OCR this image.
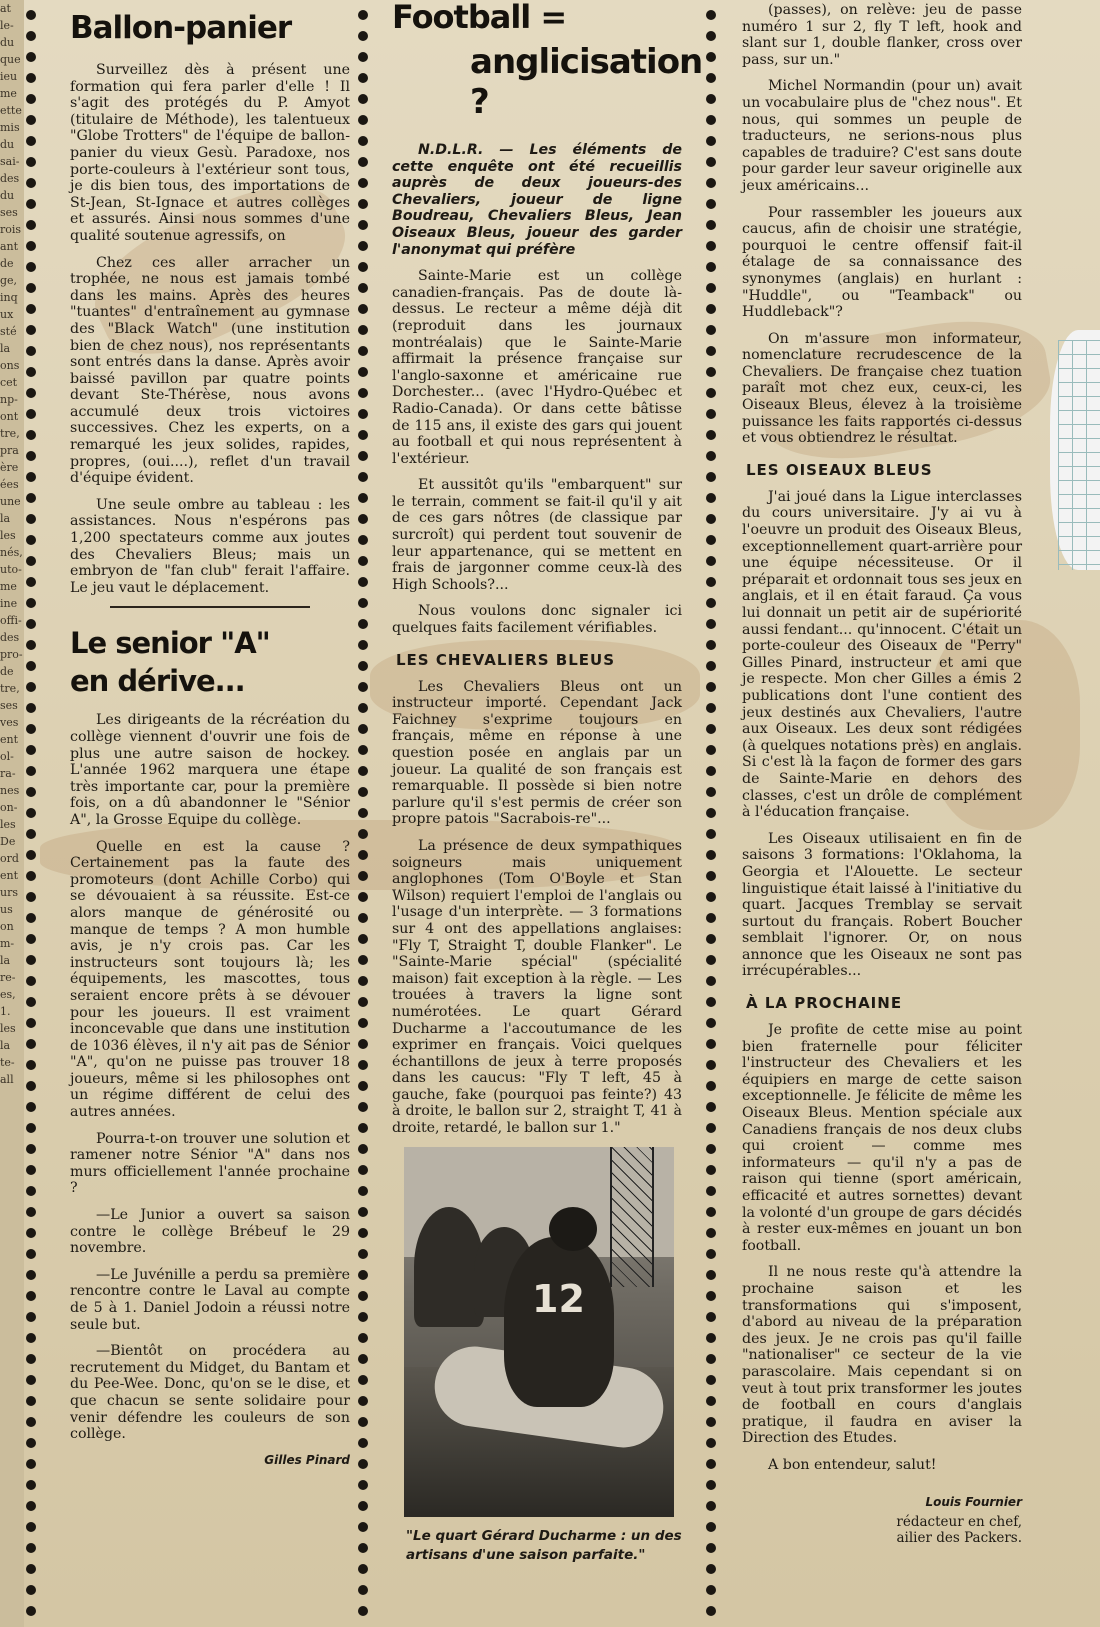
at
le-
du
que
ieu
me
ette
mis
du
sai-
des
du
ses
rois
ant
de
ge,
inq
ux
sté
la
ons
cet
np-
ont
tre,
pra
ère
ées
une
la
les
nés,
uto-
me
ine
offi-
des
pro-
de
tre,
ses
ves
ent
ol-
ra-
nes
on-
les
De
ord
ent
urs
us
on
m-
la
re-
es,
1.
les
la
te-
all
Ballon-panier

Surveillez dès à présent une formation qui fera parler d'elle ! Il s'agit des protégés du P. Amyot (titulaire de Méthode), les talentueux "Globe Trotters" de l'équipe de ballon-panier du vieux Gesù. Paradoxe, nos porte-couleurs à l'extérieur sont tous, je dis bien tous, des importations de St-Jean, St-Ignace et autres collèges et assurés. Ainsi nous sommes d'une qualité soutenue agressifs, on

Chez ces aller arracher un trophée, ne nous est jamais tombé dans les mains. Après des heures "tuantes" d'entraînement au gymnase des "Black Watch" (une institution bien de chez nous), nos représentants sont entrés dans la danse. Après avoir baissé pavillon par quatre points devant Ste-Thérèse, nous avons accumulé deux trois victoires successives. Chez les experts, on a remarqué les jeux solides, rapides, propres, (oui....), reflet d'un travail d'équipe évident.

Une seule ombre au tableau : les assistances. Nous n'espérons pas 1,200 spectateurs comme aux joutes des Chevaliers Bleus; mais un embryon de "fan club" ferait l'affaire. Le jeu vaut le déplacement.

Le senior "A" en dérive...

Les dirigeants de la récréation du collège viennent d'ouvrir une fois de plus une autre saison de hockey. L'année 1962 marquera une étape très importante car, pour la première fois, on a dû abandonner le "Sénior A", la Grosse Equipe du collège.

Quelle en est la cause ? Certainement pas la faute des promoteurs (dont Achille Corbo) qui se dévouaient à sa réussite. Est-ce alors manque de générosité ou manque de temps ? A mon humble avis, je n'y crois pas. Car les instructeurs sont toujours là; les équipements, les mascottes, tous seraient encore prêts à se dévouer pour les joueurs. Il est vraiment inconcevable que dans une institution de 1036 élèves, il n'y ait pas de Sénior "A", qu'on ne puisse pas trouver 18 joueurs, même si les philosophes ont un régime différent de celui des autres années.

Pourra-t-on trouver une solution et ramener notre Sénior "A" dans nos murs officiellement l'année prochaine ?

—Le Junior a ouvert sa saison contre le collège Brébeuf le 29 novembre.

—Le Juvénille a perdu sa première rencontre contre le Laval au compte de 5 à 1. Daniel Jodoin a réussi notre seule but.

—Bientôt on procédera au recrutement du Midget, du Bantam et du Pee-Wee. Donc, qu'on se le dise, et que chacun se sente solidaire pour venir défendre les couleurs de son collège.

Gilles Pinard
Football =
anglicisation ?

N.D.L.R. — Les éléments de cette enquête ont été recueillis auprès de deux joueurs-des Chevaliers, joueur de ligne Boudreau, Chevaliers Bleus, Jean Oiseaux Bleus, joueur des garder l'anonymat qui préfère

Sainte-Marie est un collège canadien-français. Pas de doute là-dessus. Le recteur a même déjà dit (reproduit dans les journaux montréalais) que le Sainte-Marie affirmait la présence française sur l'anglo-saxonne et américaine rue Dorchester... (avec l'Hydro-Québec et Radio-Canada). Or dans cette bâtisse de 115 ans, il existe des gars qui jouent au football et qui nous représentent à l'extérieur.

Et aussitôt qu'ils "embarquent" sur le terrain, comment se fait-il qu'il y ait de ces gars nôtres (de classique par surcroît) qui perdent tout souvenir de leur appartenance, qui se mettent en frais de jargonner comme ceux-là des High Schools?...

Nous voulons donc signaler ici quelques faits facilement vérifiables.

LES CHEVALIERS BLEUS

Les Chevaliers Bleus ont un instructeur importé. Cependant Jack Faichney s'exprime toujours en français, même en réponse à une question posée en anglais par un joueur. La qualité de son français est remarquable. Il possède si bien notre parlure qu'il s'est permis de créer son propre patois "Sacrabois-re"...

La présence de deux sympathiques soigneurs mais uniquement anglophones (Tom O'Boyle et Stan Wilson) requiert l'emploi de l'anglais ou l'usage d'un interprète. — 3 formations sur 4 ont des appellations anglaises: "Fly T, Straight T, double Flanker". Le "Sainte-Marie spécial" (spécialité maison) fait exception à la règle. — Les trouées à travers la ligne sont numérotées. Le quart Gérard Ducharme a l'accoutumance de les exprimer en français. Voici quelques échantillons de jeux à terre proposés dans les caucus: "Fly T left, 45 à gauche, fake (pourquoi pas feinte?) 43 à droite, le ballon sur 2, straight T, 41 à droite, retardé, le ballon sur 1."

12
"Le quart Gérard Ducharme : un des artisans d'une saison parfaite."

(passes), on relève: jeu de passe numéro 1 sur 2, fly T left, hook and slant sur 1, double flanker, cross over pass, sur un."

Michel Normandin (pour un) avait un vocabulaire plus de "chez nous". Et nous, qui sommes un peuple de traducteurs, ne serions-nous plus capables de traduire? C'est sans doute pour garder leur saveur originelle aux jeux américains...

Pour rassembler les joueurs aux caucus, afin de choisir une stratégie, pourquoi le centre offensif fait-il étalage de sa connaissance des synonymes (anglais) en hurlant : "Huddle", ou "Teamback" ou Huddleback"?

On m'assure mon informateur, nomenclature recrudescence de la Chevaliers. De française chez tuation paraît mot chez eux, ceux-ci, les Oiseaux Bleus, élevez à la troisième puissance les faits rapportés ci-dessus et vous obtiendrez le résultat.

LES OISEAUX BLEUS

J'ai joué dans la Ligue interclasses du cours universitaire. J'y ai vu à l'oeuvre un produit des Oiseaux Bleus, exceptionnellement quart-arrière pour une équipe nécessiteuse. Or il préparait et ordonnait tous ses jeux en anglais, et il en était faraud. Ça vous lui donnait un petit air de supériorité aussi fendant... qu'innocent. C'était un porte-couleur des Oiseaux de "Perry" Gilles Pinard, instructeur et ami que je respecte. Mon cher Gilles a émis 2 publications dont l'une contient des jeux destinés aux Chevaliers, l'autre aux Oiseaux. Les deux sont rédigées (à quelques notations près) en anglais. Si c'est là la façon de former des gars de Sainte-Marie en dehors des classes, c'est un drôle de complément à l'éducation française.

Les Oiseaux utilisaient en fin de saisons 3 formations: l'Oklahoma, la Georgia et l'Alouette. Le secteur linguistique était laissé à l'initiative du quart. Jacques Tremblay se servait surtout du français. Robert Boucher semblait l'ignorer. Or, on nous annonce que les Oiseaux ne sont pas irrécupérables...

À LA PROCHAINE

Je profite de cette mise au point bien fraternelle pour féliciter l'instructeur des Chevaliers et les équipiers en marge de cette saison exceptionnelle. Je félicite de même les Oiseaux Bleus. Mention spéciale aux Canadiens français de nos deux clubs qui croient — comme mes informateurs — qu'il n'y a pas de raison qui tienne (sport américain, efficacité et autres sornettes) devant la volonté d'un groupe de gars décidés à rester eux-mêmes en jouant un bon football.

Il ne nous reste qu'à attendre la prochaine saison et les transformations qui s'imposent, d'abord au niveau de la préparation des jeux. Je ne crois pas qu'il faille "nationaliser" ce secteur de la vie parascolaire. Mais cependant si on veut à tout prix transformer les joutes de football en cours d'anglais pratique, il faudra en aviser la Direction des Etudes.

A bon entendeur, salut!

Louis Fournier
rédacteur en chef,
ailier des Packers.
